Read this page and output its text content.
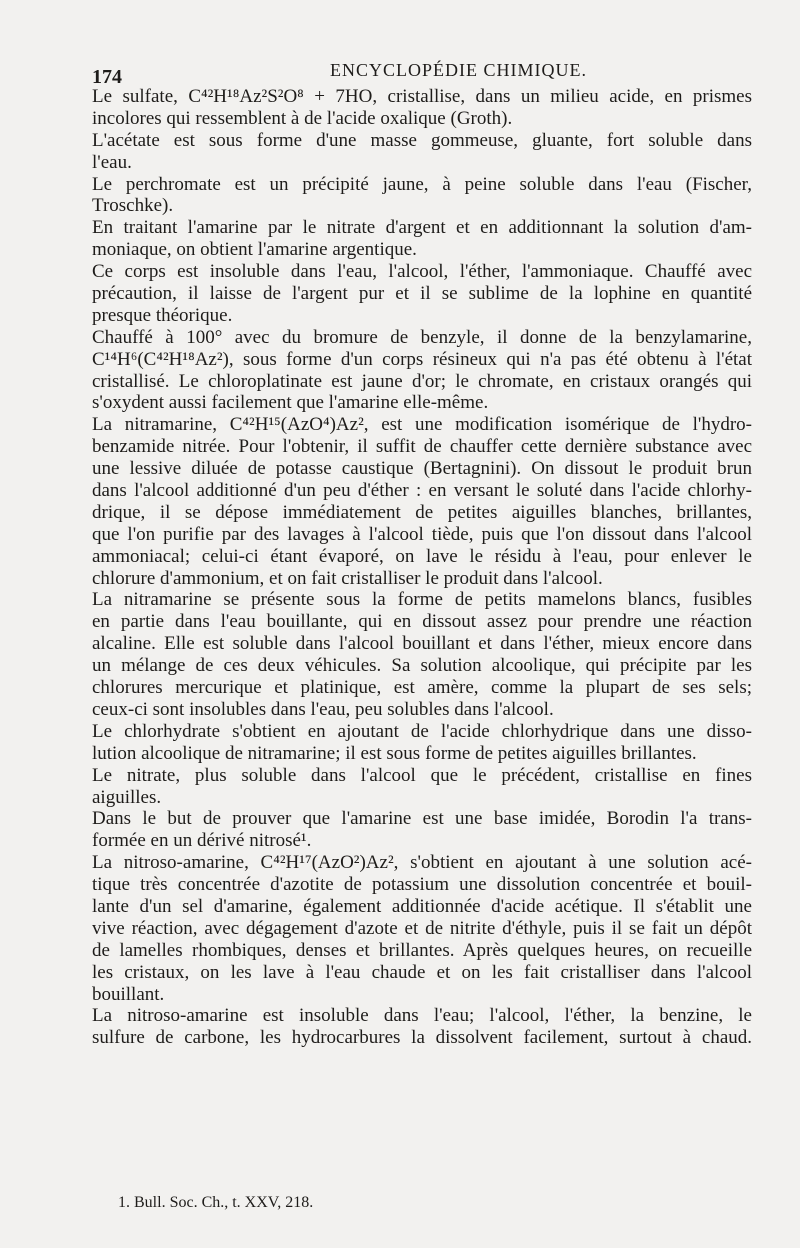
174	ENCYCLOPÉDIE CHIMIQUE.
Le sulfate, C⁴²H¹⁸Az²S²O⁸ + 7HO, cristallise, dans un milieu acide, en prismes
incolores qui ressemblent à de l'acide oxalique (Groth).
L'acétate est sous forme d'une masse gommeuse, gluante, fort soluble dans
l'eau.
Le perchromate est un précipité jaune, à peine soluble dans l'eau (Fischer,
Troschke).
En traitant l'amarine par le nitrate d'argent et en additionnant la solution d'am-
moniaque, on obtient l'amarine argentique.
Ce corps est insoluble dans l'eau, l'alcool, l'éther, l'ammoniaque. Chauffé avec
précaution, il laisse de l'argent pur et il se sublime de la lophine en quantité
presque théorique.
Chauffé à 100° avec du bromure de benzyle, il donne de la benzylamarine,
C¹⁴H⁶(C⁴²H¹⁸Az²), sous forme d'un corps résineux qui n'a pas été obtenu à l'état
cristallisé. Le chloroplatinate est jaune d'or; le chromate, en cristaux orangés qui
s'oxydent aussi facilement que l'amarine elle-même.
La nitramarine, C⁴²H¹⁵(AzO⁴)Az², est une modification isomérique de l'hydro-
benzamide nitrée. Pour l'obtenir, il suffit de chauffer cette dernière substance avec
une lessive diluée de potasse caustique (Bertagnini). On dissout le produit brun
dans l'alcool additionné d'un peu d'éther : en versant le soluté dans l'acide chlorhy-
drique, il se dépose immédiatement de petites aiguilles blanches, brillantes,
que l'on purifie par des lavages à l'alcool tiède, puis que l'on dissout dans l'alcool
ammoniacal; celui-ci étant évaporé, on lave le résidu à l'eau, pour enlever le
chlorure d'ammonium, et on fait cristalliser le produit dans l'alcool.
La nitramarine se présente sous la forme de petits mamelons blancs, fusibles
en partie dans l'eau bouillante, qui en dissout assez pour prendre une réaction
alcaline. Elle est soluble dans l'alcool bouillant et dans l'éther, mieux encore dans
un mélange de ces deux véhicules. Sa solution alcoolique, qui précipite par les
chlorures mercurique et platinique, est amère, comme la plupart de ses sels;
ceux-ci sont insolubles dans l'eau, peu solubles dans l'alcool.
Le chlorhydrate s'obtient en ajoutant de l'acide chlorhydrique dans une disso-
lution alcoolique de nitramarine; il est sous forme de petites aiguilles brillantes.
Le nitrate, plus soluble dans l'alcool que le précédent, cristallise en fines
aiguilles.
Dans le but de prouver que l'amarine est une base imidée, Borodin l'a trans-
formée en un dérivé nitrosé¹.
La nitroso-amarine, C⁴²H¹⁷(AzO²)Az², s'obtient en ajoutant à une solution acé-
tique très concentrée d'azotite de potassium une dissolution concentrée et bouil-
lante d'un sel d'amarine, également additionnée d'acide acétique. Il s'établit une
vive réaction, avec dégagement d'azote et de nitrite d'éthyle, puis il se fait un dépôt
de lamelles rhombiques, denses et brillantes. Après quelques heures, on recueille
les cristaux, on les lave à l'eau chaude et on les fait cristalliser dans l'alcool
bouillant.
La nitroso-amarine est insoluble dans l'eau; l'alcool, l'éther, la benzine, le
sulfure de carbone, les hydrocarbures la dissolvent facilement, surtout à chaud.
1. Bull. Soc. Ch., t. XXV, 218.
